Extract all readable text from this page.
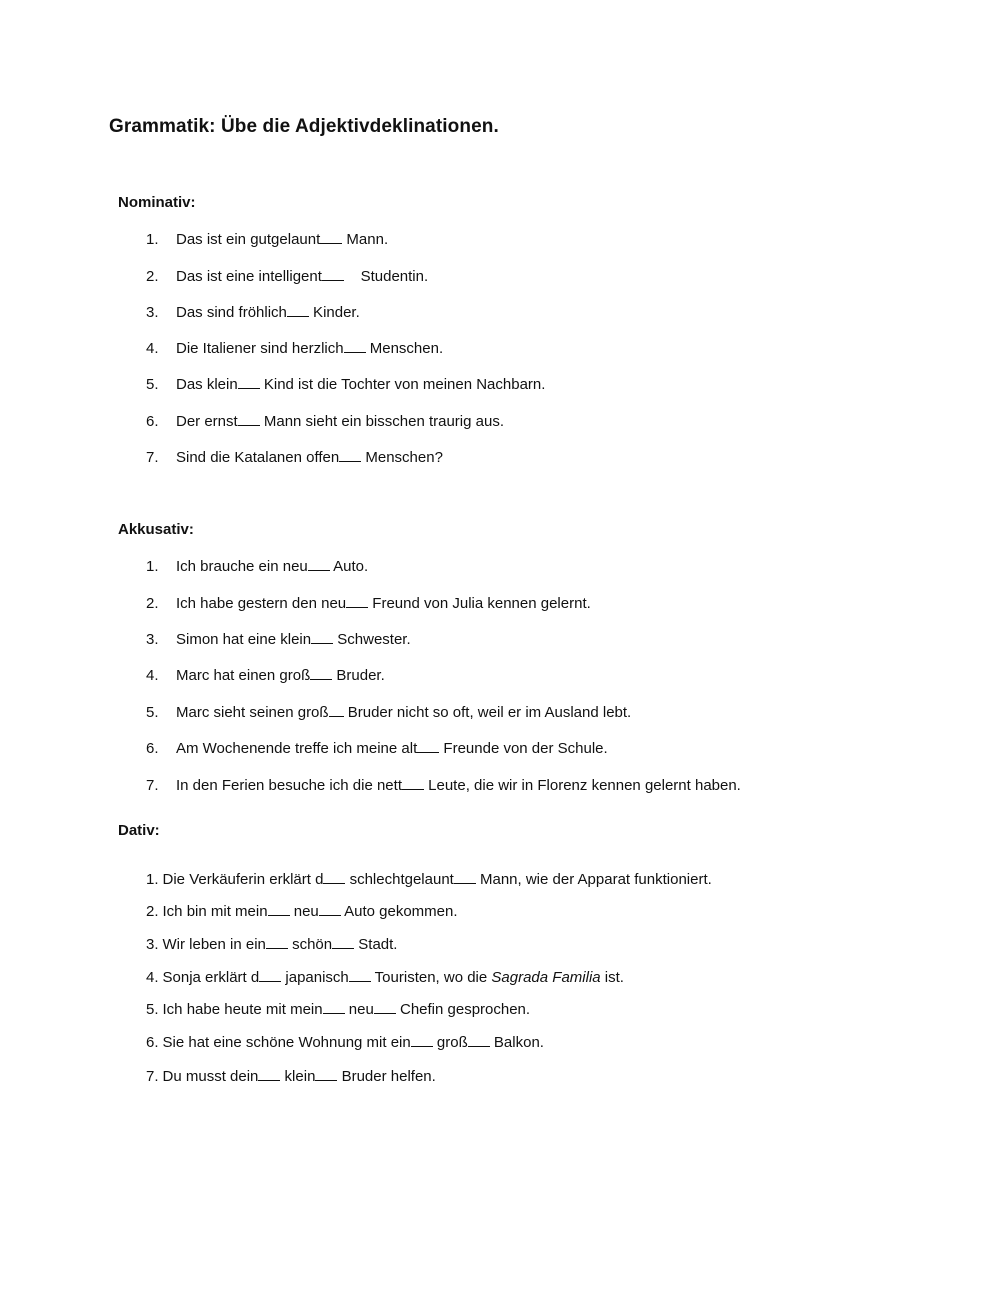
Grammatik: Übe die Adjektivdeklinationen.
Nominativ:
1. Das ist ein gutgelaunt Mann.
2. Das ist eine intelligent    Studentin.
3. Das sind fröhlich Kinder.
4. Die Italiener sind herzlich Menschen.
5. Das klein Kind ist die Tochter von meinen Nachbarn.
6. Der ernst Mann sieht ein bisschen traurig aus.
7. Sind die Katalanen offen Menschen?
Akkusativ:
1. Ich brauche ein neu Auto.
2. Ich habe gestern den neu Freund von Julia kennen gelernt.
3. Simon hat eine klein Schwester.
4. Marc hat einen groß Bruder.
5. Marc sieht seinen groß Bruder nicht so oft, weil er im Ausland lebt.
6. Am Wochenende treffe ich meine alt Freunde von der Schule.
7. In den Ferien besuche ich die nett Leute, die wir in Florenz kennen gelernt haben.
Dativ:
1. Die Verkäuferin erklärt d schlechtgelaunt Mann, wie der Apparat funktioniert.
2. Ich bin mit mein neu Auto gekommen.
3. Wir leben in ein schön Stadt.
4. Sonja erklärt d japanisch Touristen, wo die Sagrada Familia ist.
5. Ich habe heute mit mein neu Chefin gesprochen.
6. Sie hat eine schöne Wohnung mit ein groß Balkon.
7. Du musst dein klein Bruder helfen.
